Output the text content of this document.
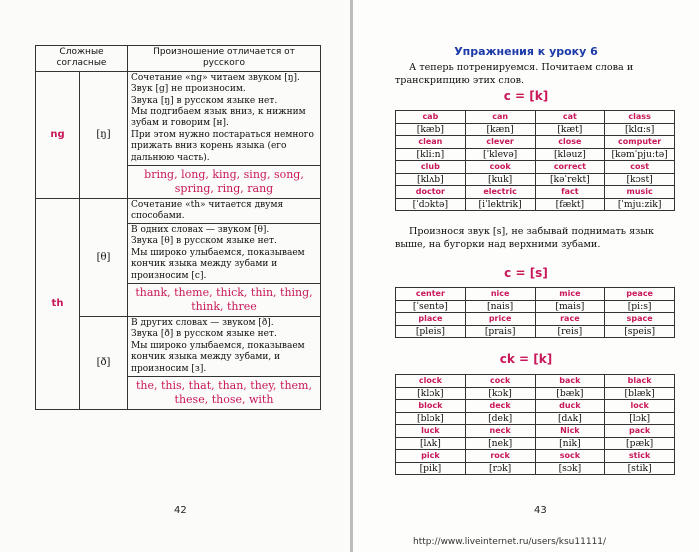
Сложные согласные		Произношение отличается от русского
ng	[ŋ]	Сочетание «ng» читаем звуком [ŋ]. Звук [g] не произносим.
Звука [ŋ] в русском языке нет.
Мы подгибаем язык вниз, к нижним зубам и говорим [н].
При этом нужно постараться немного прижать вниз корень языка (его дальнюю часть).
bring, long, king, sing, song, spring, ring, rang

th	[θ]	Сочетание «th» читается двумя способами.
В одних словах — звуком [θ].
Звука [θ] в русском языке нет.
Мы широко улыбаемся, показываем кончик языка между зубами и произносим [с].
thank, theme, thick, thin, thing, think, three

	[ð]	В других словах — звуком [ð].
Звука [ð] в русском языке нет.
Мы широко улыбаемся, показываем кончик языка между зубами, и произносим [з].
the, this, that, than, they, them, these, those, with
42
Упражнения к уроку 6
А теперь потренируемся. Почитаем слова и транскрипцию этих слов.
c = [k]
cab	can	cat	class
[kæb]	[kæn]	[kæt]	[klɑ:s]
clean	clever	close	computer
[kli:n]	[ˈklevə]	[kləuz]	[kəmˈpju:tə]
club	cook	correct	cost
[klʌb]	[kuk]	[kəˈrekt]	[kɔst]
doctor	electric	fact	music
[ˈdɔktə]	[iˈlektrik]	[fækt]	[ˈmju:zik]
Произнося звук [s], не забывай поднимать язык выше, на бугорки над верхними зубами.
c = [s]
center	nice	mice	peace
[ˈsentə]	[nais]	[mais]	[pi:s]
place	price	race	space
[pleis]	[prais]	[reis]	[speis]
ck = [k]
clock	cock	back	black
[klɔk]	[kɔk]	[bæk]	[blæk]
block	deck	duck	lock
[blɔk]	[dek]	[dʌk]	[lɔk]
luck	neck	Nick	pack
[lʌk]	[nek]	[nik]	[pæk]
pick	rock	sock	stick
[pik]	[rɔk]	[sɔk]	[stik]
43
http://www.liveinternet.ru/users/ksu11111/
